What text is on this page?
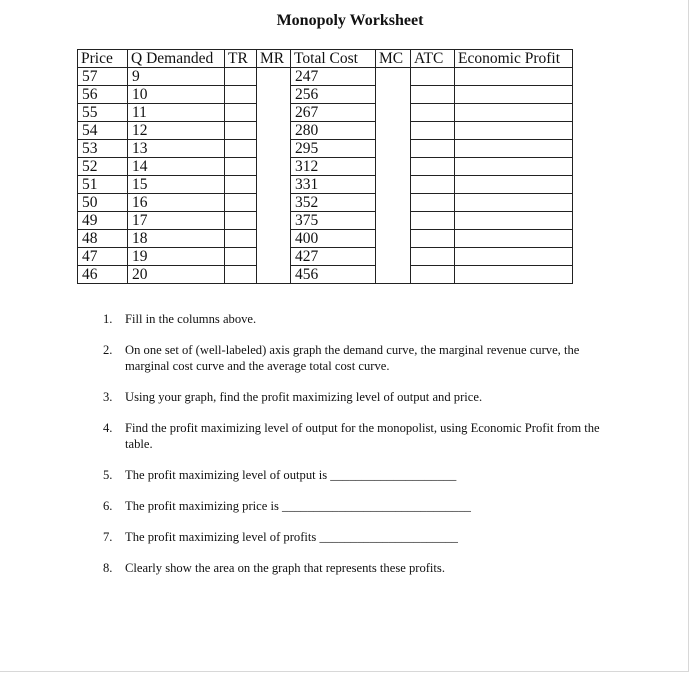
Monopoly Worksheet
Price	Q Demanded	TR	MR	Total Cost	MC	ATC	Economic Profit
57	9			247			
56	10			256			
55	11			267			
54	12			280			
53	13			295			
52	14			312			
51	15			331			
50	16			352			
49	17			375			
48	18			400			
47	19			427			
46	20			456			
1. Fill in the columns above.
2. On one set of (well-labeled) axis graph the demand curve, the marginal revenue curve, the marginal cost curve and the average total cost curve.
3. Using your graph, find the profit maximizing level of output and price.
4. Find the profit maximizing level of output for the monopolist, using Economic Profit from the table.
5. The profit maximizing level of output is ____________________
6. The profit maximizing price is ______________________________
7. The profit maximizing level of profits ______________________
8. Clearly show the area on the graph that represents these profits.
